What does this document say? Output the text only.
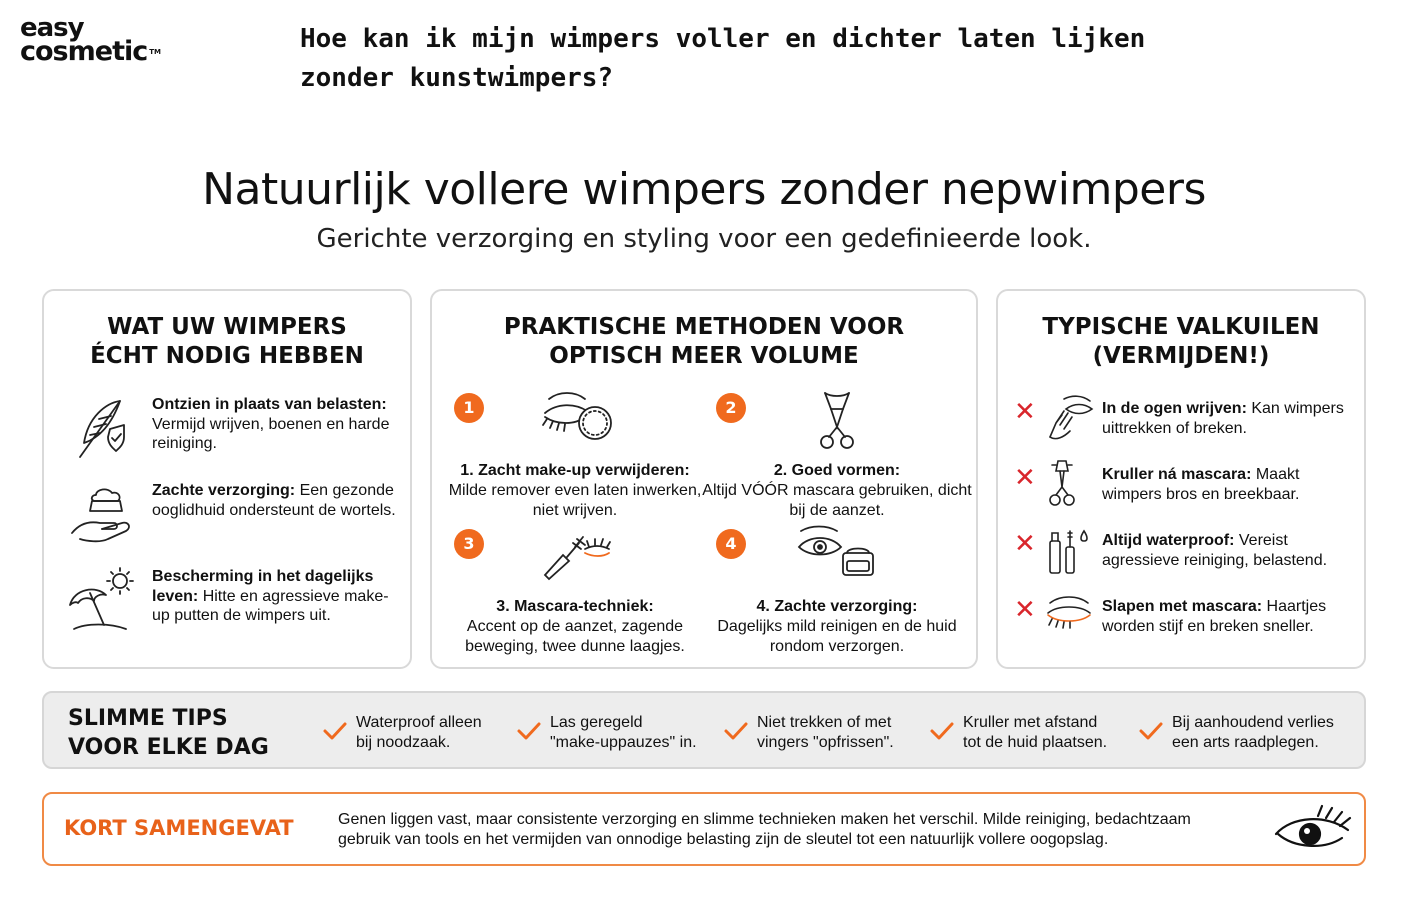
easy
cosmetic ™	Hoe kan ik mijn wimpers voller en dichter laten lijken zonder kunstwimpers?
Natuurlijk vollere wimpers zonder nepwimpers
Gerichte verzorging en styling voor een gedefinieerde look.
WAT UW WIMPERS
ÉCHT NODIG HEBBEN
Ontzien in plaats van belasten: Vermijd wrijven, boenen en harde reiniging.
Zachte verzorging: Een gezonde ooglidhuid ondersteunt de wortels.
Bescherming in het dagelijks leven: Hitte en agressieve make-up putten de wimpers uit.
PRAKTISCHE METHODEN VOOR
OPTISCH MEER VOLUME
1
1. Zacht make-up verwijderen:
Milde remover even laten inwerken, niet wrijven.
2
2. Goed vormen:
Altijd VÓÓR mascara gebruiken, dicht bij de aanzet.
3
3. Mascara-techniek:
Accent op de aanzet, zagende beweging, twee dunne laagjes.
4
4. Zachte verzorging:
Dagelijks mild reinigen en de huid rondom verzorgen.
TYPISCHE VALKUILEN
(VERMIJDEN!)
✕	In de ogen wrijven: Kan wimpers uittrekken of breken.
✕	Kruller ná mascara: Maakt wimpers bros en breekbaar.
✕	Altijd waterproof: Vereist agressieve reiniging, belastend.
✕	Slapen met mascara: Haartjes worden stijf en breken sneller.
SLIMME TIPS
VOOR ELKE DAG
Waterproof alleen
bij noodzaak.
Las geregeld
"make-uppauzes" in.
Niet trekken of met
vingers "opfrissen".
Kruller met afstand
tot de huid plaatsen.
Bij aanhoudend verlies
een arts raadplegen.
KORT SAMENGEVAT	Genen liggen vast, maar consistente verzorging en slimme technieken maken het verschil. Milde reiniging, bedachtzaam
gebruik van tools en het vermijden van onnodige belasting zijn de sleutel tot een natuurlijk vollere oogopslag.
